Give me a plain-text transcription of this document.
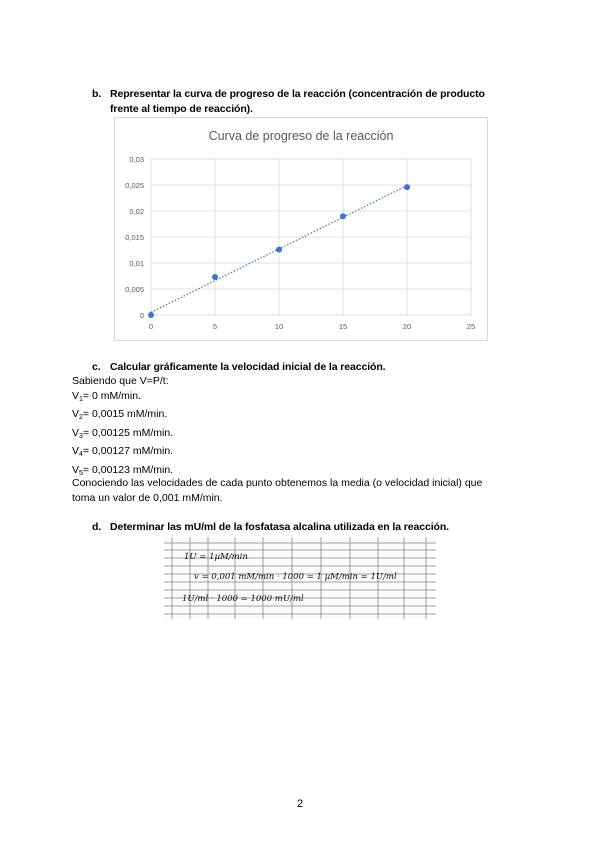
b. Representar la curva de progreso de la reacción (concentración de producto
frente al tiempo de reacción).
Curva de progreso de la reacción
0
0,005
0,01
0,015
0,02
0,025
0,03
0	5	10	15	20	25
c. Calcular gráficamente la velocidad inicial de la reacción.
Sabiendo que V=P/t:
$V_1= 0$ mM/min.
$V_2= 0,0015$ mM/min.
$V_3= 0,00125$ mM/min.
$V_4= 0,00127$ mM/min.
$V_5= 0,00123$ mM/min.
Conociendo las velocidades de cada punto obtenemos la media (o velocidad inicial) que
toma un valor de 0,001 mM/min.
d. Determinar las mU/ml de la fosfatasa alcalina utilizada en la reacción.
1U = 1µM/min
v = 0,001 mM/min · 1000 = 1 µM/min = 1U/ml
1U/ml · 1000 = 1000 mU/ml
2
